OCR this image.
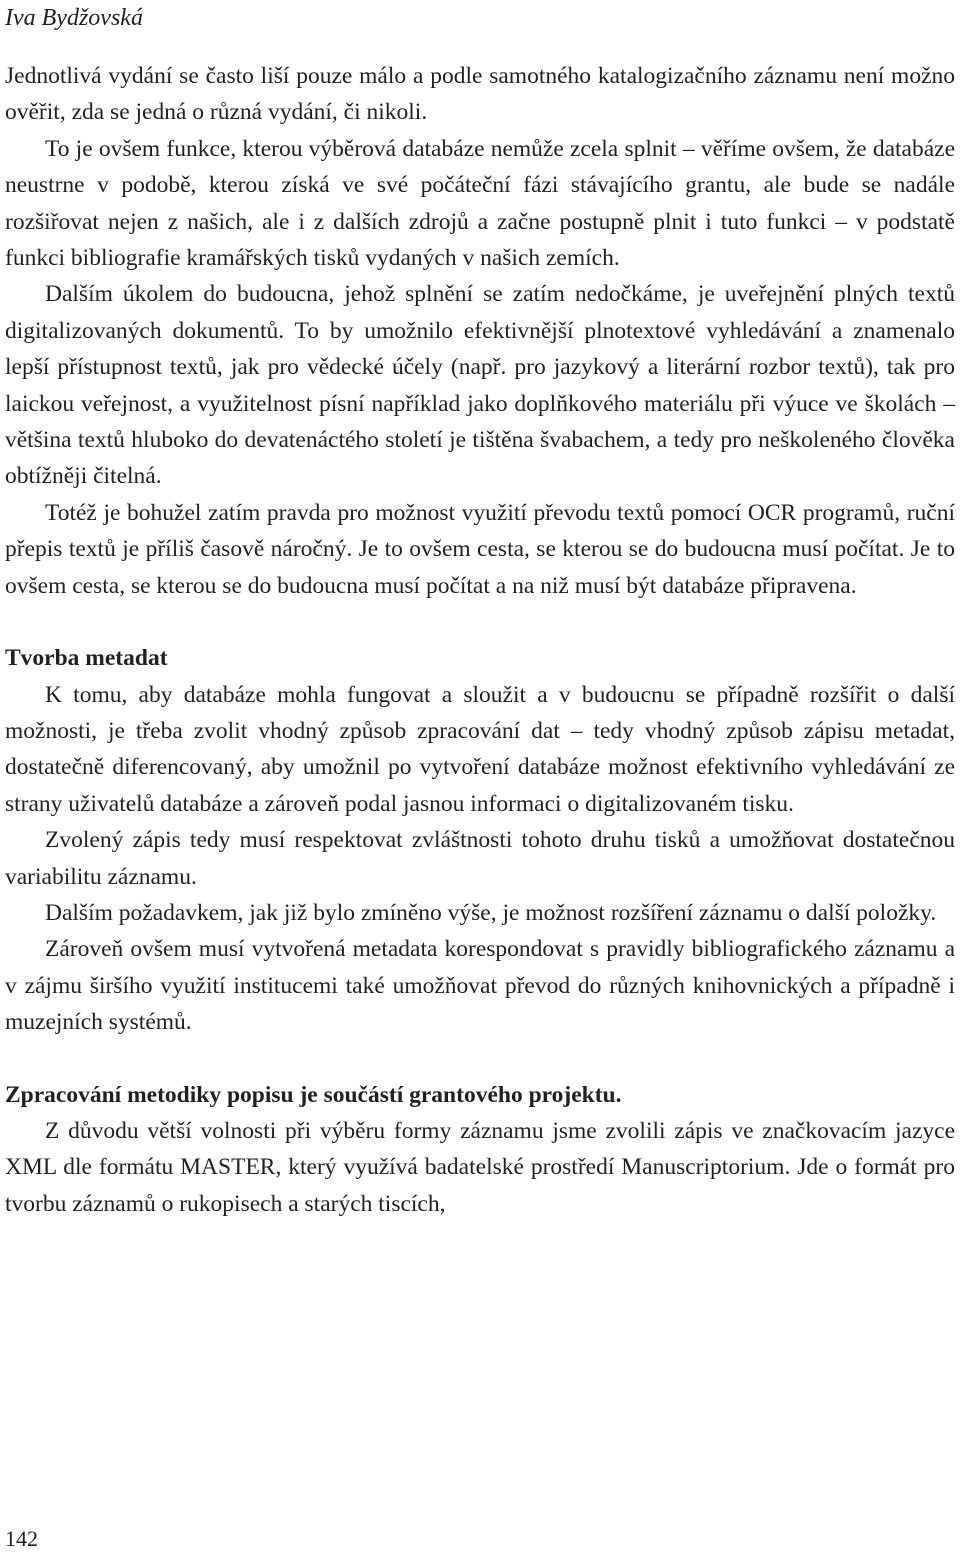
Iva Bydžovská

Jednotlivá vydání se často liší pouze málo a podle samotného katalogizačního záznamu není možno ověřit, zda se jedná o různá vydání, či nikoli.

To je ovšem funkce, kterou výběrová databáze nemůže zcela splnit – věříme ovšem, že databáze neustrne v podobě, kterou získá ve své počáteční fázi stávajícího grantu, ale bude se nadále rozšiřovat nejen z našich, ale i z dalších zdrojů a začne postupně plnit i tuto funkci – v podstatě funkci bibliografie kramářských tisků vydaných v našich zemích.

Dalším úkolem do budoucna, jehož splnění se zatím nedočkáme, je uveřejnění plných textů digitalizovaných dokumentů. To by umožnilo efektivnější plnotextové vyhledávání a znamenalo lepší přístupnost textů, jak pro vědecké účely (např. pro jazykový a literární rozbor textů), tak pro laickou veřejnost, a využitelnost písní například jako doplňkového materiálu při výuce ve školách – většina textů hluboko do devatenáctého století je tištěna švabachem, a tedy pro neškoleného člověka obtížněji čitelná.

Totéž je bohužel zatím pravda pro možnost využití převodu textů pomocí OCR programů, ruční přepis textů je příliš časově náročný. Je to ovšem cesta, se kterou se do budoucna musí počítat. Je to ovšem cesta, se kterou se do budoucna musí počítat a na niž musí být databáze připravena.

Tvorba metadat

K tomu, aby databáze mohla fungovat a sloužit a v budoucnu se případně rozšířit o další možnosti, je třeba zvolit vhodný způsob zpracování dat – tedy vhodný způsob zápisu metadat, dostatečně diferencovaný, aby umožnil po vytvoření databáze možnost efektivního vyhledávání ze strany uživatelů databáze a zároveň podal jasnou informaci o digitalizovaném tisku.

Zvolený zápis tedy musí respektovat zvláštnosti tohoto druhu tisků a umožňovat dostatečnou variabilitu záznamu.

Dalším požadavkem, jak již bylo zmíněno výše, je možnost rozšíření záznamu o další položky.

Zároveň ovšem musí vytvořená metadata korespondovat s pravidly bibliografického záznamu a v zájmu širšího využití institucemi také umožňovat převod do různých knihovnických a případně i muzejních systémů.

Zpracování metodiky popisu je součástí grantového projektu.

Z důvodu větší volnosti při výběru formy záznamu jsme zvolili zápis ve značkovacím jazyce XML dle formátu MASTER, který využívá badatelské prostředí Manuscriptorium. Jde o formát pro tvorbu záznamů o rukopisech a starých tiscích,

142
